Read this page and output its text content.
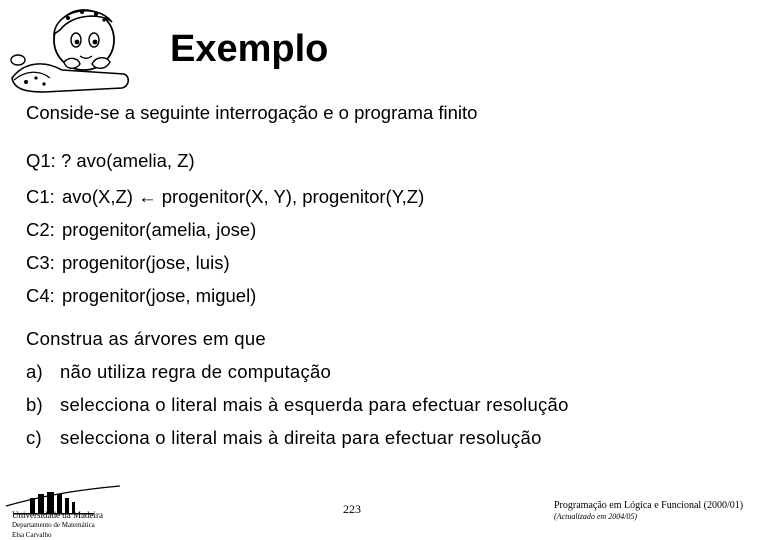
Exemplo
Conside-se a seguinte interrogação e o programa finito
Q1: ? avo(amelia, Z)
C1: avo(X,Z) ← progenitor(X, Y), progenitor(Y,Z)
C2: progenitor(amelia, jose)
C3: progenitor(jose, luis)
C4: progenitor(jose, miguel)
Construa as árvores em que
a) não utiliza regra de computação
b) selecciona o literal mais à esquerda para efectuar resolução
c) selecciona o literal mais à direita para efectuar resolução
Universidade da Madeira
Departamento de Matemática
Elsa Carvalho
223	Programação em Lógica e Funcional (2000/01)
(Actualizado em 2004/05)
